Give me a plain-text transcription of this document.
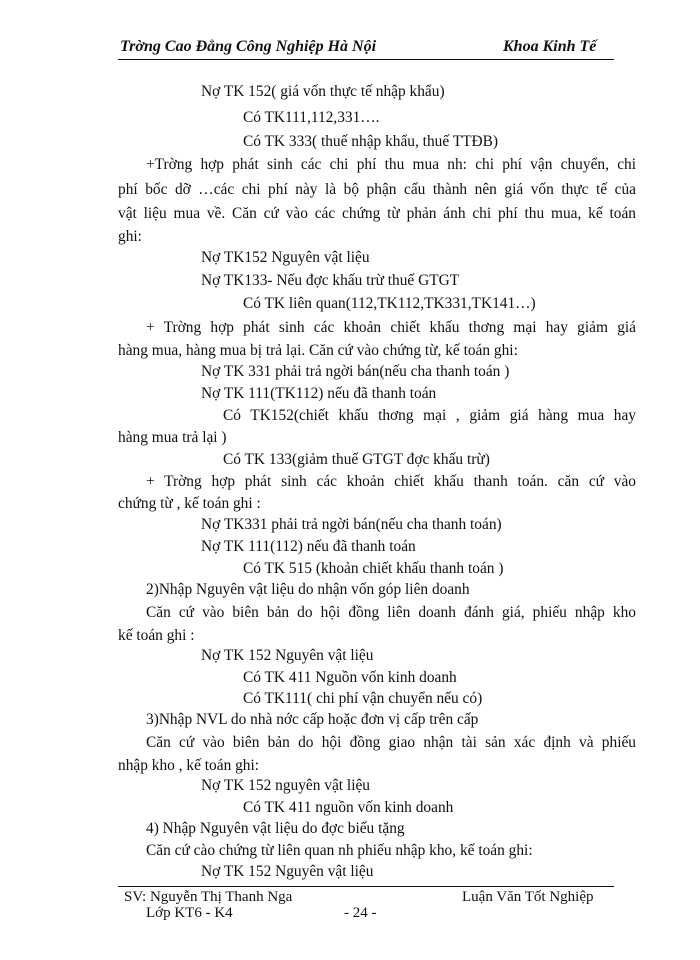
Trờng Cao Đẳng Công Nghiệp Hà Nội	Khoa Kinh Tế
Nợ TK 152( giá vốn thực tế nhập khẩu)
Có TK111,112,331….
Có TK 333( thuế nhập khẩu, thuế TTĐB)
+Trờng hợp phát sinh các chi phí thu mua nh: chi phí vận chuyển, chi
phí bốc dỡ …các chi phí này là bộ phận cấu thành nên giá vốn thực tế của
vật liệu mua về. Căn cứ vào các chứng từ phản ánh chi phí thu mua, kế toán
ghi:
Nợ TK152 Nguyên vật liệu
Nợ TK133- Nếu đợc khấu trừ thuế GTGT
Có TK liên quan(112,TK112,TK331,TK141…)
+ Trờng hợp phát sinh các khoản chiết khấu thơng mại hay giảm giá
hàng mua, hàng mua bị trả lại. Căn cứ vào chứng từ, kế toán ghi:
Nợ TK 331 phải trả ngời bán(nếu cha thanh toán )
Nợ TK 111(TK112) nếu đã thanh toán
Có TK152(chiết khấu thơng mại , giảm giá hàng mua hay
hàng mua trả lại )
Có TK 133(giảm thuế GTGT đợc khấu trừ)
+ Trờng hợp phát sinh các khoản chiết khấu thanh toán. căn cứ vào
chứng từ , kế toán ghi :
Nợ TK331 phải trả ngời bán(nếu cha thanh toán)
Nợ TK 111(112) nếu đã thanh toán
Có TK 515 (khoản chiết khấu thanh toán )
2)Nhập Nguyên vật liệu do nhận vốn góp liên doanh
Căn cứ vào biên bản do hội đồng liên doanh đánh giá, phiếu nhập kho
kế toán ghi :
Nợ TK 152 Nguyên vật liệu
Có TK 411 Nguồn vốn kinh doanh
Có TK111( chi phí vận chuyển nếu có)
3)Nhập NVL do nhà nớc cấp hoặc đơn vị cấp trên cấp
Căn cứ vào biên bản do hội đồng giao nhận tài sản xác định và phiếu
nhập kho , kế toán ghi:
Nợ TK 152 nguyên vật liệu
Có TK 411 nguồn vốn kinh doanh
4) Nhập Nguyên vật liệu do đợc biếu tặng
Căn cứ cào chứng từ liên quan nh phiếu nhập kho, kế toán ghi:
Nợ TK 152 Nguyên vật liệu
SV: Nguyễn Thị Thanh Nga	Luận Văn Tốt Nghiệp
Lớp KT6 - K4	- 24 -
